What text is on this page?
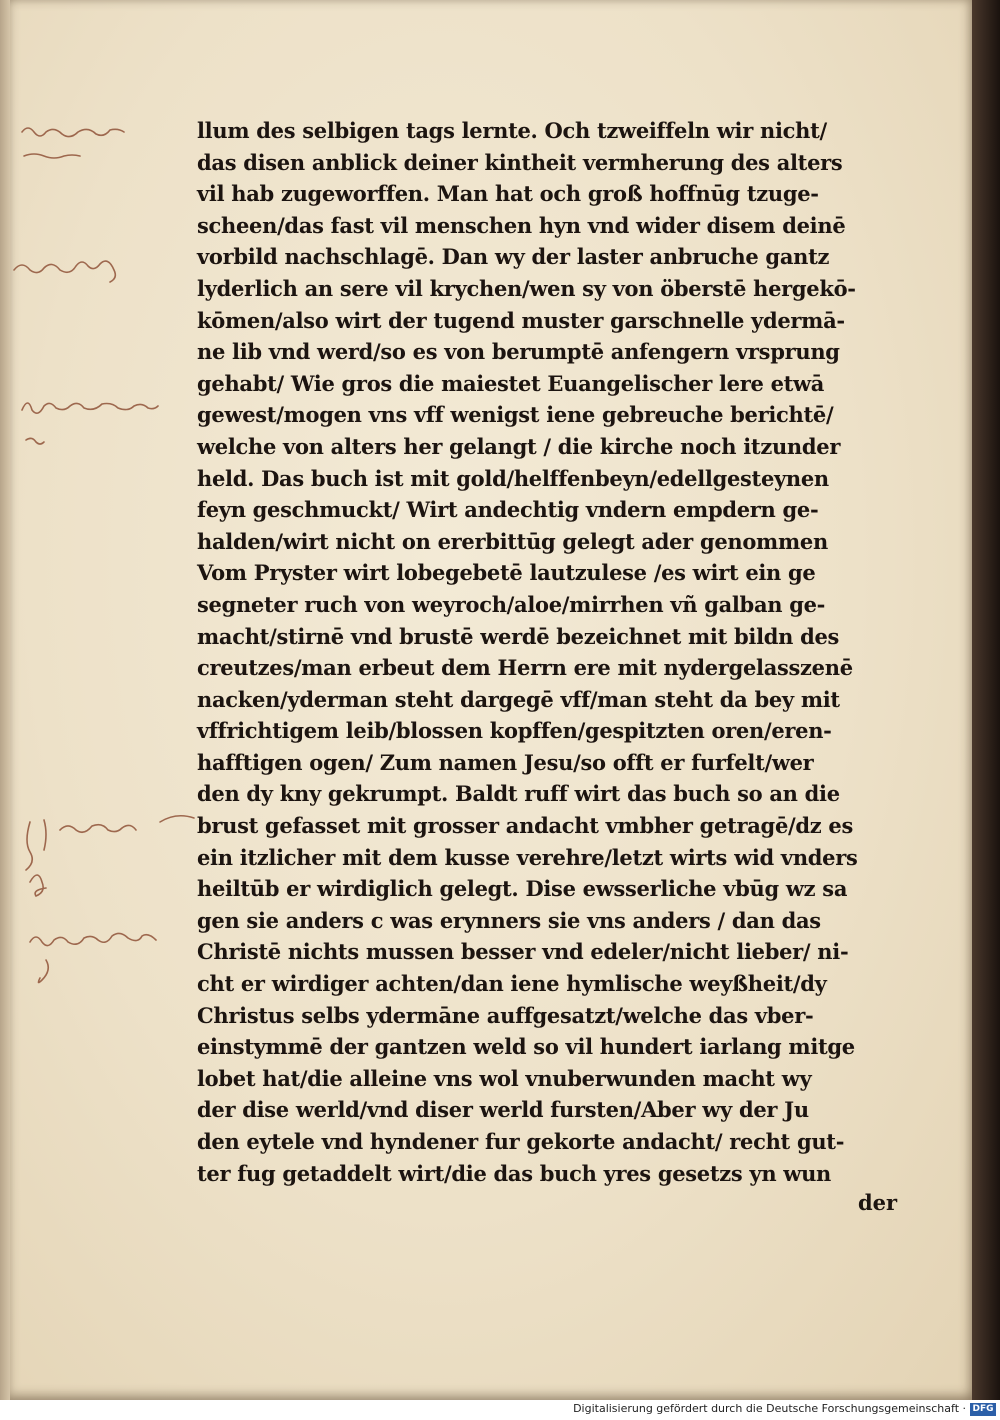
llum des selbigen tags lernte. Och tzweiffeln wir nicht/
das disen anblick deiner kintheit vermherung des alters
vil hab zugeworffen. Man hat och groß hoffnūg tzuge-
scheen/das fast vil menschen hyn vnd wider disem deinē
vorbild nachschlagē. Dan wy der laster anbruche gantz
lyderlich an sere vil krychen/wen sy von öberstē hergekō-
kōmen/also wirt der tugend muster garschnelle ydermā-
ne lib vnd werd/so es von berumptē anfengern vrsprung
gehabt/ Wie gros die maiestet Euangelischer lere etwā
gewest/mogen vns vff wenigst iene gebreuche berichtē/
welche von alters her gelangt / die kirche noch itzunder
held. Das buch ist mit gold/helffenbeyn/edellgesteynen
feyn geschmuckt/ Wirt andechtig vndern empdern ge-
halden/wirt nicht on ererbittūg gelegt ader genommen
Vom Pryster wirt lobegebetē lautzulese /es wirt ein ge
segneter ruch von weyroch/aloe/mirrhen vñ galban ge-
macht/stirnē vnd brustē werdē bezeichnet mit bildn des
creutzes/man erbeut dem Herrn ere mit nydergelasszenē
nacken/yderman steht dargegē vff/man steht da bey mit
vffrichtigem leib/blossen kopffen/gespitzten oren/eren-
hafftigen ogen/ Zum namen Jesu/so offt er furfelt/wer
den dy kny gekrumpt. Baldt ruff wirt das buch so an die
brust gefasset mit grosser andacht vmbher getragē/dz es
ein itzlicher mit dem kusse verehre/letzt wirts wid vnders
heiltūb er wirdiglich gelegt. Dise ewsserliche vbūg wz sa
gen sie anders c was erynners sie vns anders / dan das
Christē nichts mussen besser vnd edeler/nicht lieber/ ni-
cht er wirdiger achten/dan iene hymlische weyßheit/dy
Christus selbs ydermāne auffgesatzt/welche das vber-
einstymmē der gantzen weld so vil hundert iarlang mitge
lobet hat/die alleine vns wol vnuberwunden macht wy
der dise werld/vnd diser werld fursten/Aber wy der Ju
den eytele vnd hyndener fur gekorte andacht/ recht gut-
ter fug getaddelt wirt/die das buch yres gesetzs yn wun
der
Digitalisierung gefördert durch die Deutsche Forschungsgemeinschaft · DFG
